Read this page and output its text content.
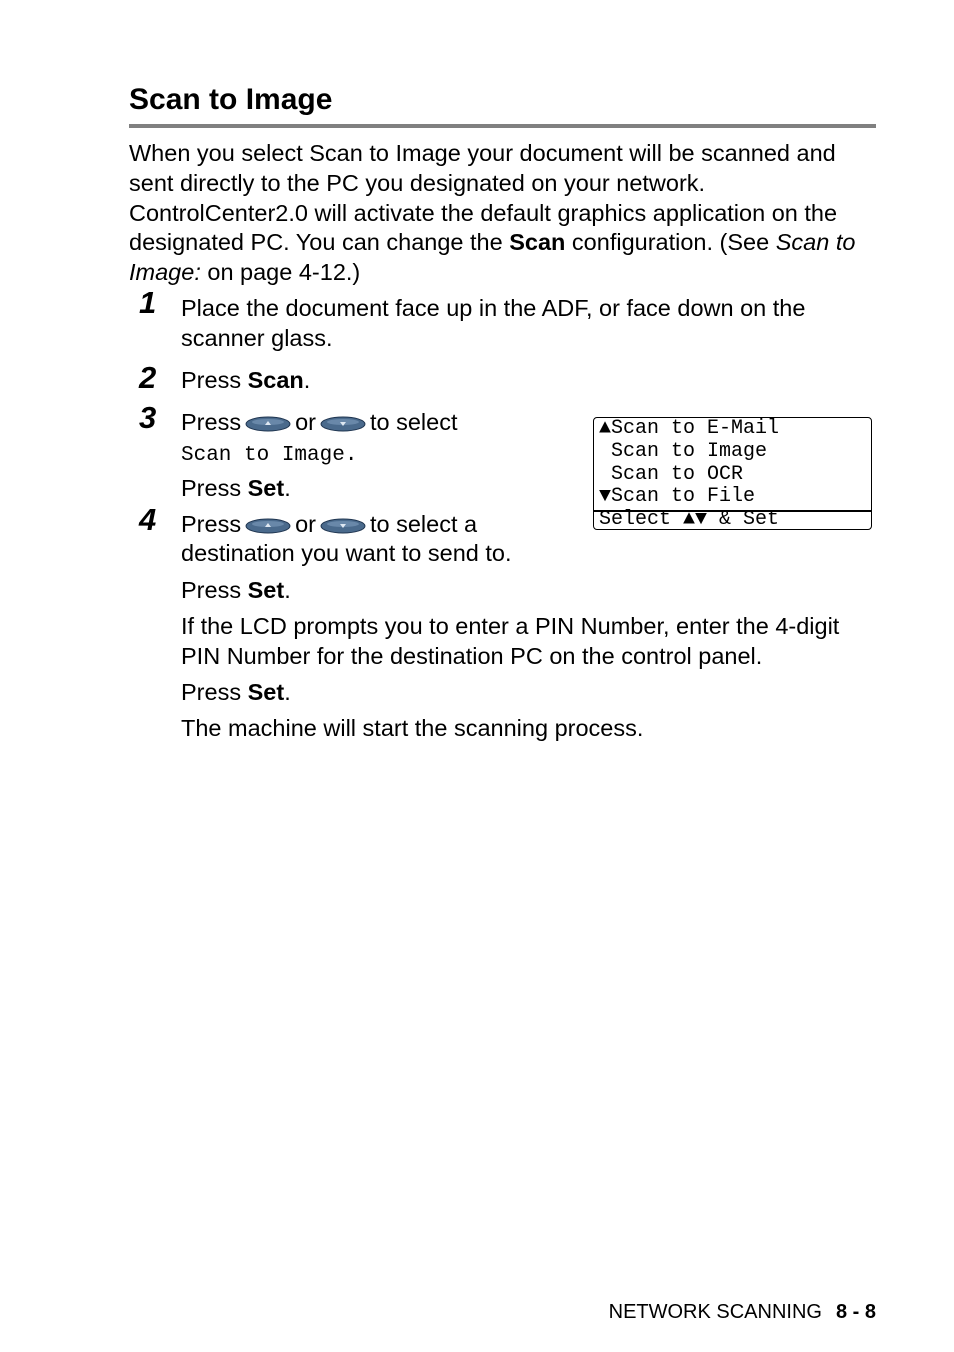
Scan to Image

When you select Scan to Image your document will be scanned and sent directly to the PC you designated on your network. ControlCenter2.0 will activate the default graphics application on the designated PC. You can change the Scan configuration. (See Scan to Image: on page 4-12.)

1 Place the document face up in the ADF, or face down on the scanner glass.

2 Press Scan.

3 Press or to select

Scan to Image.

Press Set.

4 Press or to select a

destination you want to send to.

Press Set.

If the LCD prompts you to enter a PIN Number, enter the 4-digit PIN Number for the destination PC on the control panel.

Press Set.

The machine will start the scanning process.

▲Scan to E-Mail
Scan to Image
Scan to OCR
▼Scan to File
Select ▲▼ & Set
NETWORK SCANNING 8 - 8
